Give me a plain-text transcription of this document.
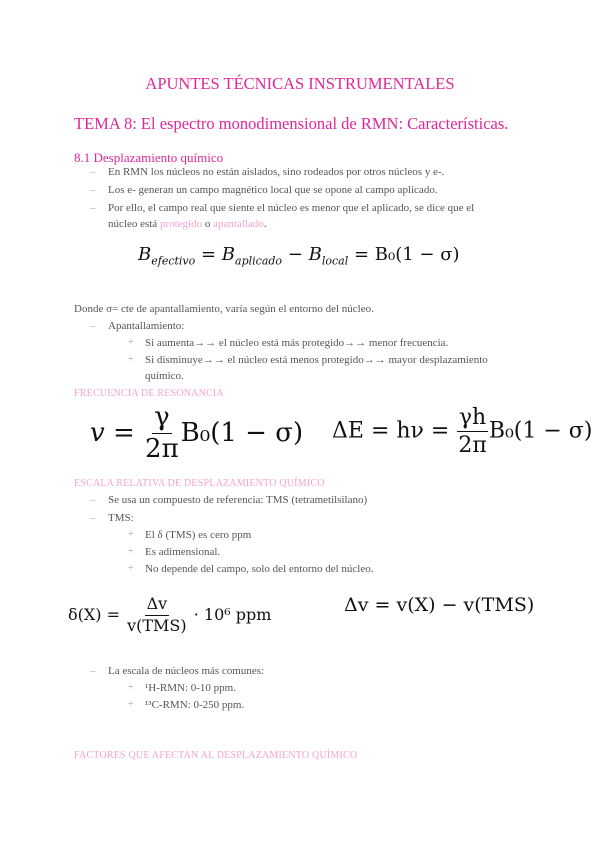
APUNTES TÉCNICAS INSTRUMENTALES
TEMA 8: El espectro monodimensional de RMN: Características.
8.1 Desplazamiento químico
– En RMN los núcleos no están aislados, sino rodeados por otros núcleos y e-.
– Los e- generan un campo magnético local que se opone al campo aplicado.
– Por ello, el campo real que siente el núcleo es menor que el aplicado, se dice que el
núcleo está protegido o apantallado.
$B_{efectivo} = B_{aplicado} - B_{local} = B_0(1 - \sigma)$
Donde σ= cte de apantallamiento, varía según el entorno del núcleo.
– Apantallamiento:
+ Si aumenta→→ el núcleo está más protegido→→ menor frecuencia.
+ Si disminuye→→ el núcleo está menos protegido→→ mayor desplazamiento
químico.
FRECUENCIA DE RESONANCIA
$v = \frac{\gamma}{2\pi} B_0(1 - \sigma) \Delta E = h\nu = \frac{\gamma h}{2\pi} B_0(1 - \sigma)$
ESCALA RELATIVA DE DESPLAZAMIENTO QUÍMICO
– Se usa un compuesto de referencia: TMS (tetrametilsilano)
– TMS:
+ El δ (TMS) es cero ppm
+ Es adimensional.
+ No depende del campo, solo del entorno del núcleo.
$\delta(X) = \frac{\Delta v}{\text{v(TMS)}} \cdot 10^6$ ppm	Δv = v(X) − v(TMS)
– La escala de núcleos más comunes:
+ ¹H-RMN: 0-10 ppm.
+ ¹³C-RMN: 0-250 ppm.
FACTORES QUE AFECTAN AL DESPLAZAMIENTO QUÍMICO
